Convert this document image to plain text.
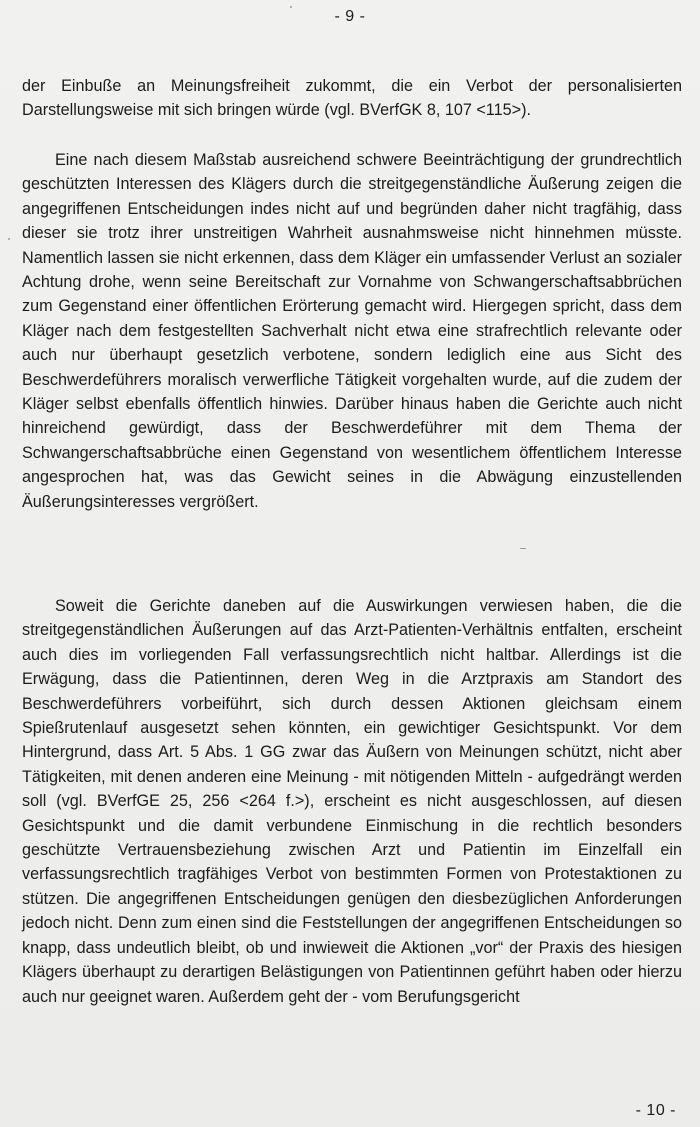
- 9 -
der Einbuße an Meinungsfreiheit zukommt, die ein Verbot der personalisierten Darstellungsweise mit sich bringen würde (vgl. BVerfGK 8, 107 <115>).
Eine nach diesem Maßstab ausreichend schwere Beeinträchtigung der grundrechtlich geschützten Interessen des Klägers durch die streitgegenständliche Äußerung zeigen die angegriffenen Entscheidungen indes nicht auf und begründen daher nicht tragfähig, dass dieser sie trotz ihrer unstreitigen Wahrheit ausnahmsweise nicht hinnehmen müsste. Namentlich lassen sie nicht erkennen, dass dem Kläger ein umfassender Verlust an sozialer Achtung drohe, wenn seine Bereitschaft zur Vornahme von Schwangerschaftsabbrüchen zum Gegenstand einer öffentlichen Erörterung gemacht wird. Hiergegen spricht, dass dem Kläger nach dem festgestellten Sachverhalt nicht etwa eine strafrechtlich relevante oder auch nur überhaupt gesetzlich verbotene, sondern lediglich eine aus Sicht des Beschwerdeführers moralisch verwerfliche Tätigkeit vorgehalten wurde, auf die zudem der Kläger selbst ebenfalls öffentlich hinwies. Darüber hinaus haben die Gerichte auch nicht hinreichend gewürdigt, dass der Beschwerdeführer mit dem Thema der Schwangerschaftsabbrüche einen Gegenstand von wesentlichem öffentlichem Interesse angesprochen hat, was das Gewicht seines in die Abwägung einzustellenden Äußerungsinteresses vergrößert.
Soweit die Gerichte daneben auf die Auswirkungen verwiesen haben, die die streitgegenständlichen Äußerungen auf das Arzt-Patienten-Verhältnis entfalten, erscheint auch dies im vorliegenden Fall verfassungsrechtlich nicht haltbar. Allerdings ist die Erwägung, dass die Patientinnen, deren Weg in die Arztpraxis am Standort des Beschwerdeführers vorbeiführt, sich durch dessen Aktionen gleichsam einem Spießrutenlauf ausgesetzt sehen könnten, ein gewichtiger Gesichtspunkt. Vor dem Hintergrund, dass Art. 5 Abs. 1 GG zwar das Äußern von Meinungen schützt, nicht aber Tätigkeiten, mit denen anderen eine Meinung - mit nötigenden Mitteln - aufgedrängt werden soll (vgl. BVerfGE 25, 256 <264 f.>), erscheint es nicht ausgeschlossen, auf diesen Gesichtspunkt und die damit verbundene Einmischung in die rechtlich besonders geschützte Vertrauensbeziehung zwischen Arzt und Patientin im Einzelfall ein verfassungsrechtlich tragfähiges Verbot von bestimmten Formen von Protestaktionen zu stützen. Die angegriffenen Entscheidungen genügen den diesbezüglichen Anforderungen jedoch nicht. Denn zum einen sind die Feststellungen der angegriffenen Entscheidungen so knapp, dass undeutlich bleibt, ob und inwieweit die Aktionen „vor“ der Praxis des hiesigen Klägers überhaupt zu derartigen Belästigungen von Patientinnen geführt haben oder hierzu auch nur geeignet waren. Außerdem geht der - vom Berufungsgericht
- 10 -
